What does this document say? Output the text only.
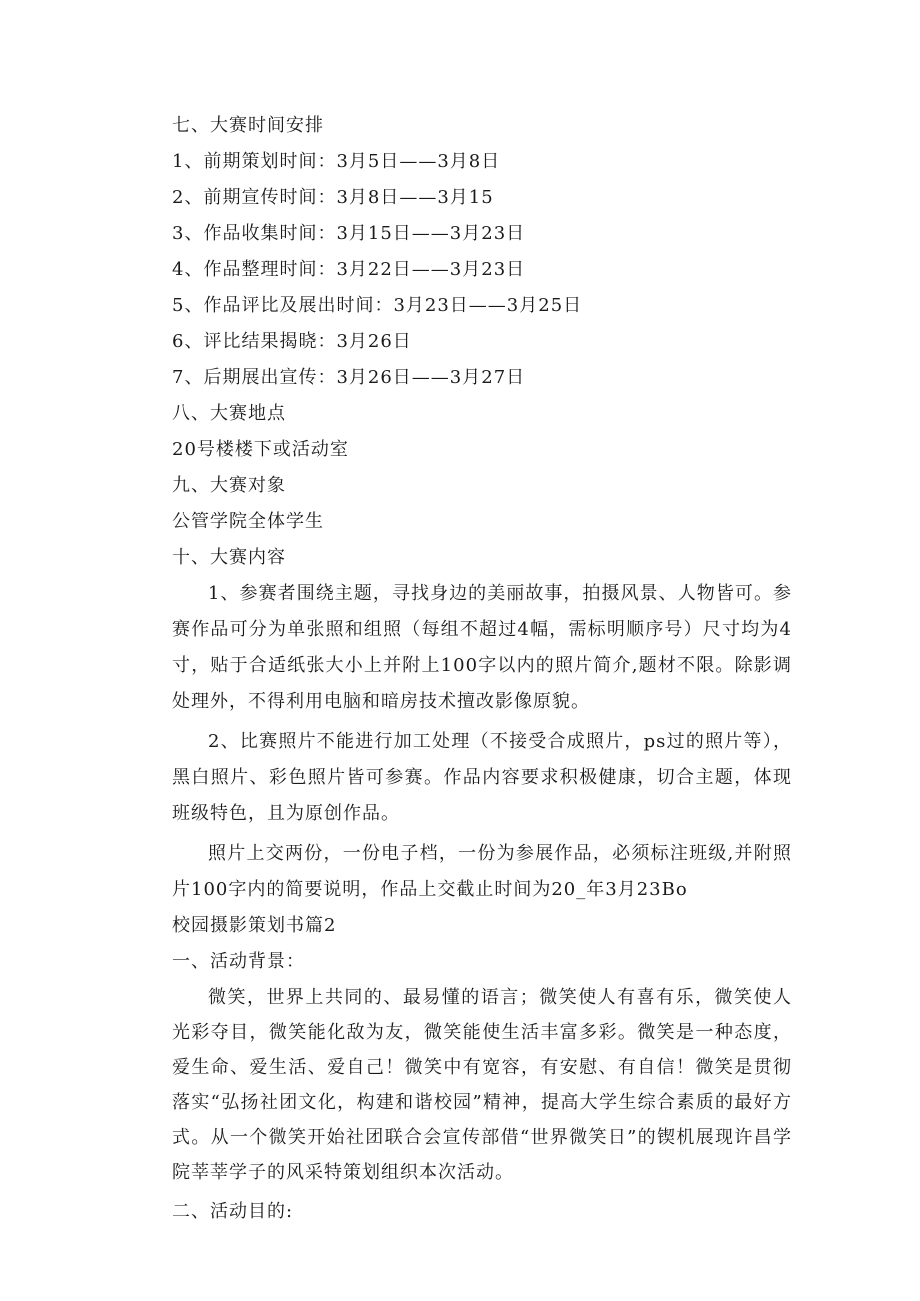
七、大赛时间安排

1、前期策划时间：3月5日——3月8日

2、前期宣传时间：3月8日——3月15

3、作品收集时间：3月15日——3月23日

4、作品整理时间：3月22日——3月23日

5、作品评比及展出时间：3月23日——3月25日

6、评比结果揭晓：3月26日

7、后期展出宣传：3月26日——3月27日

八、大赛地点

20号楼楼下或活动室

九、大赛对象

公管学院全体学生

十、大赛内容

1、参赛者围绕主题，寻找身边的美丽故事，拍摄风景、人物皆可。参赛作品可分为单张照和组照（每组不超过4幅，需标明顺序号）尺寸均为4寸，贴于合适纸张大小上并附上100字以内的照片简介,题材不限。除影调处理外，不得利用电脑和暗房技术擅改影像原貌。

2、比赛照片不能进行加工处理（不接受合成照片，ps过的照片等），黑白照片、彩色照片皆可参赛。作品内容要求积极健康，切合主题，体现班级特色，且为原创作品。

照片上交两份，一份电子档，一份为参展作品，必须标注班级,并附照片100字内的简要说明，作品上交截止时间为20_年3月23Bo

校园摄影策划书篇2

一、活动背景：

微笑，世界上共同的、最易懂的语言；微笑使人有喜有乐，微笑使人光彩夺目，微笑能化敌为友，微笑能使生活丰富多彩。微笑是一种态度，爱生命、爱生活、爱自己！微笑中有宽容，有安慰、有自信！微笑是贯彻落实“弘扬社团文化，构建和谐校园”精神，提高大学生综合素质的最好方式。从一个微笑开始社团联合会宣传部借“世界微笑日”的锲机展现许昌学院莘莘学子的风采特策划组织本次活动。

二、活动目的:
